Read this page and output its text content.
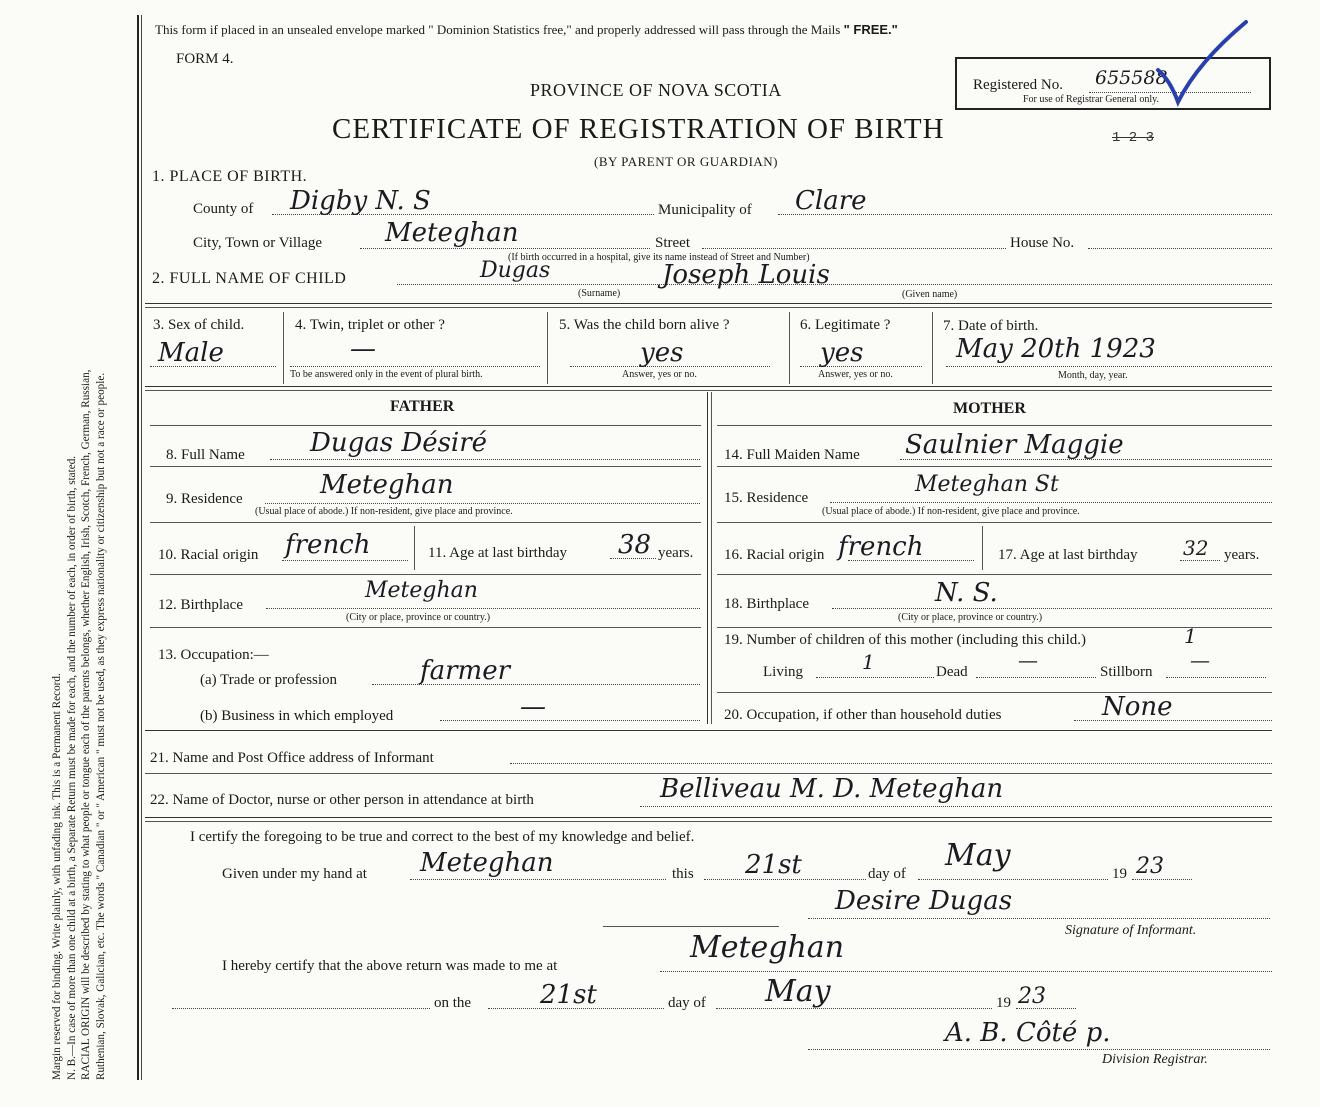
Margin reserved for binding. Write plainly, with unfading ink. This is a Permanent Record. N. B.—In case of more than one child at a birth, a Separate Return must be made for each, and the number of each, in order of birth, stated. RACIAL ORIGIN will be described by stating to what people or tongue each of the parents belongs, whether English, Irish, Scotch, French, German, Russian, Ruthenian, Slovak, Galician, etc. The words " Canadian " or " American " must not be used, as they express nationality or citizenship but not a race or people.
This form if placed in an unsealed envelope marked " Dominion Statistics free," and properly addressed will pass through the Mails " FREE."
FORM 4.
PROVINCE OF NOVA SCOTIA
CERTIFICATE OF REGISTRATION OF BIRTH	1 2 3
(BY PARENT OR GUARDIAN)
Registered No. 655588
For use of Registrar General only.
1. PLACE OF BIRTH.
County of Digby N. S	Municipality of Clare
City, Town or Village Meteghan	Street	House No.
(If birth occurred in a hospital, give its name instead of Street and Number)
2. FULL NAME OF CHILD	Dugas	Joseph Louis
(Surname)	(Given name)
3. Sex of child.
Male
4. Twin, triplet or other ?
—
To be answered only in the event of plural birth.
5. Was the child born alive ?
yes
Answer, yes or no.
6. Legitimate ?
yes
Answer, yes or no.
7. Date of birth.
May 20th 1923
Month, day, year.
FATHER	MOTHER
8. Full Name	Dugas Désiré	14. Full Maiden Name Saulnier Maggie
9. Residence	Meteghan
(Usual place of abode.) If non-resident, give place and province.
15. Residence
Meteghan St
(Usual place of abode.) If non-resident, give place and province.
10. Racial origin french	11. Age at last birthday 38 years. 16. Racial origin french	17. Age at last birthday 32 years.
12. Birthplace
Meteghan
(City or place, province or country.)
18. Birthplace	N. S.
(City or place, province or country.)
13. Occupation:—
(a) Trade or profession	farmer
(b) Business in which employed	—
19. Number of children of this mother (including this child.)	1
Living	1	Dead	—	Stillborn —
20. Occupation, if other than household duties	None
21. Name and Post Office address of Informant
22. Name of Doctor, nurse or other person in attendance at birth	Belliveau M. D. Meteghan
I certify the foregoing to be true and correct to the best of my knowledge and belief.
Given under my hand at Meteghan	this 21st	day of
May
19 23
Desire Dugas
Signature of Informant.
I hereby certify that the above return was made to me at
Meteghan
on the	21st	day of May	19 23
A. B. Côté p.
Division Registrar.
